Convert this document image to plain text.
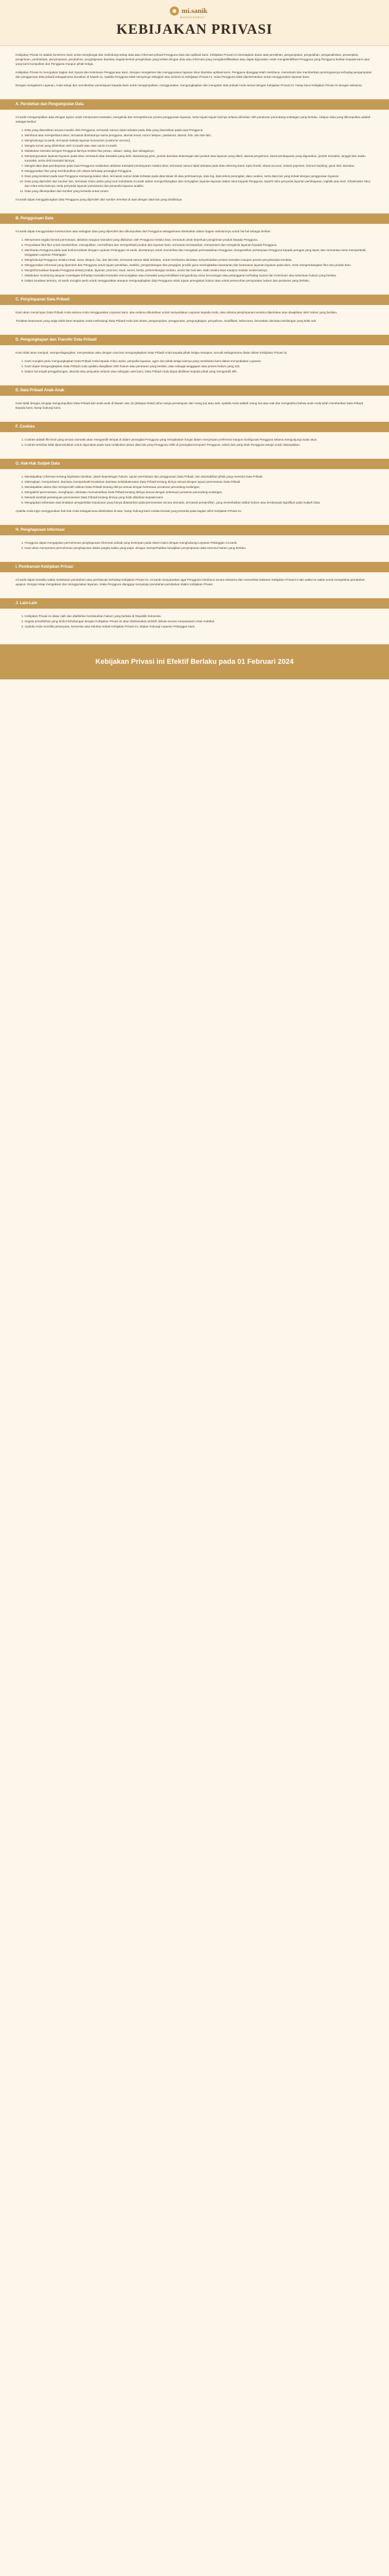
mi.sanik
MANAGEMENT
KEBIJAKAN PRIVASI

Kebijakan Privasi ini adalah komitmen kami untuk menghargai dan melindungi setiap data atau informasi pribadi Pengguna situs dan aplikasi kami. Kebijakan Privasi ini menetapkan dasar atas perolehan, pengumpulan, pengolahan, penganalisisan, penampilan, pengiriman, pembukaan, penyimpanan, perubahan, penghapusan dan/atau segala bentuk pengelolaan yang terkait dengan data atau informasi yang mengidentifikasikan atau dapat digunakan untuk mengidentifikasi Pengguna yang Pengguna berikan kepada kami atau yang kami kumpulkan dari Pengguna maupun pihak ketiga.

Kebijakan Privasi ini merupakan bagian dari Syarat dan Ketentuan Penggunaan kami. Dengan mengakses dan menggunakan layanan situs dan/atau aplikasi kami, Pengguna dianggap telah membaca, memahami dan memberikan persetujuannya terhadap pengumpulan dan penggunaan data pribadi sebagaimana diuraikan di bawah ini. Apabila Pengguna tidak menyetujui sebagian atau seluruh isi Kebijakan Privasi ini, maka Pengguna tidak diperkenankan untuk menggunakan layanan kami.

Dengan mengakses Layanan, Anda setuju dan memberikan persetujuan kepada kami untuk mengumpulkan, menggunakan, mengungkapkan dan mengolah data pribadi Anda sesuai dengan Kebijakan Privasi ini. Harap baca Kebijakan Privasi ini dengan seksama.

A. Perolehan dan Pengumpulan Data

mi.sanik mengumpulkan data dengan tujuan untuk memproses transaksi, mengelola dan memperlancar proses penggunaan layanan, serta tujuan-tujuan lainnya selama diizinkan oleh peraturan perundang-undangan yang berlaku. Adapun data yang dikumpulkan adalah sebagai berikut:

1. Data yang diserahkan secara mandiri oleh Pengguna, termasuk namun tidak terbatas pada data yang diserahkan pada saat Pengguna:
2. Membuat atau memperbarui akun, termasuk diantaranya nama pengguna, alamat email, nomor telepon, password, alamat, foto, dan lain-lain;
3. Menghubungi mi.sanik, termasuk melalui layanan konsumen (customer service);
4. Mengisi survei yang dikirimkan oleh mi.sanik atau atas nama mi.sanik;
5. Melakukan interaksi dengan Pengguna lainnya melalui fitur pesan, ulasan, rating, dan sebagainya;
6. Mempergunakan layanan-layanan pada situs, termasuk data transaksi yang detil, diantaranya jenis, jumlah dan/atau keterangan dari produk atau layanan yang dibeli, alamat pengiriman, kanal pembayaran yang digunakan, jumlah transaksi, tanggal dan waktu transaksi, serta detil transaksi lainnya;
7. Mengisi data-data pembayaran pada saat Pengguna melakukan aktivitas transaksi pembayaran melalui situs, termasuk namun tidak terbatas pada data rekening bank, kartu kredit, virtual account, instant payment, internet banking, gerai ritel; dan/atau
8. Menggunakan fitur yang membutuhkan izin akses terhadap perangkat Pengguna.
9. Data yang terekam pada saat Pengguna mempergunakan situs, termasuk namun tidak terbatas pada data lokasi riil atau perkiraannya, data log, data teknis perangkat, data cookies, serta data lain yang terkait dengan penggunaan layanan.
10. Data yang diperoleh dari sumber lain, termasuk mitra usaha yang turut membantu mi.sanik dalam mengembangkan dan menyajikan layanan-layanan dalam situs kepada Pengguna, seperti mitra penyedia layanan pembayaran, logistik atau kurir, infrastruktur situs, dan mitra-mitra lainnya; serta penyedia layanan pemasaran dan penyedia layanan analitis.
11. Data yang dikumpulkan dari sumber yang tersedia untuk umum.

mi.sanik dapat menggabungkan data Pengguna yang diperoleh dari sumber tersebut di atas dengan data lain yang dimilikinya.

B. Penggunaan Data

mi.sanik dapat menggunakan keseluruhan atau sebagian data yang diperoleh dan dikumpulkan dari Pengguna sebagaimana disebutkan dalam bagian sebelumnya untuk hal-hal sebagai berikut:

1. Memproses segala bentuk permintaan, aktivitas maupun transaksi yang dilakukan oleh Pengguna melalui situs, termasuk untuk keperluan pengiriman produk kepada Pengguna.
2. Penyediaan fitur-fitur untuk memberikan, mewujudkan, memelihara dan memperbaiki produk dan layanan kami, termasuk menawarkan, memproses dan mengelola layanan kepada Pengguna.
3. Membantu Pengguna pada saat berkomunikasi dengan Layanan Pelanggan mi.sanik, diantaranya untuk memeriksa dan mengatasi permasalahan Pengguna; mengarahkan pertanyaan Pengguna kepada petugas yang tepat; dan memantau serta memperbaiki tanggapan Layanan Pelanggan.
4. Menghubungi Pengguna melalui email, surat, telepon, fax, dan lain-lain, termasuk namun tidak terbatas, untuk membantu dan/atau menyelesaikan proses transaksi maupun proses penyelesaian kendala.
5. Menggunakan informasi yang diperoleh dari Pengguna untuk tujuan penelitian, analisis, pengembangan dan pengujian produk guna meningkatkan keamanan dan keamanan layanan-layanan pada situs, serta mengembangkan fitur dan produk baru.
6. Menginformasikan kepada Pengguna terkait produk, layanan, promosi, studi, survei, berita, perkembangan terbaru, acara dan lain-lain, baik melalui situs maupun melalui media lainnya.
7. Melakukan monitoring ataupun investigasi terhadap transaksi-transaksi mencurigakan atau transaksi yang terindikasi mengandung unsur kecurangan atau pelanggaran terhadap Syarat dan Ketentuan atau ketentuan hukum yang berlaku.
8. Dalam keadaan tertentu, mi.sanik mungkin perlu untuk menggunakan ataupun mengungkapkan data Pengguna untuk tujuan penegakan hukum atau untuk pemenuhan persyaratan hukum dan peraturan yang berlaku.
C. Penyimpanan Data Pribadi

Kami akan menyimpan Data Pribadi Anda selama Anda menggunakan Layanan kami, atau selama dibutuhkan untuk menyediakan Layanan kepada Anda, atau selama penyimpanan tersebut diperlukan atau diwajibkan oleh hukum yang berlaku.

Tindakan keamanan yang wajar telah kami terapkan untuk melindungi Data Pribadi Anda dari akses, pengumpulan, penggunaan, pengungkapan, penyalinan, modifikasi, kebocoran, kerusakan dan/atau kehilangan yang tidak sah.

D. Pengungkapan dan Transfer Data Pribadi

Kami tidak akan menjual, memperdagangkan, menyewakan atau dengan cara lain mengungkapkan Data Pribadi Anda kepada pihak ketiga manapun, kecuali sebagaimana diatur dalam Kebijakan Privasi ini.

1. Kami mungkin perlu mengungkapkan Data Pribadi Anda kepada mitra usaha, penyedia layanan, agen dan pihak ketiga lainnya yang membantu kami dalam menyediakan Layanan.
2. Kami dapat mengungkapkan Data Pribadi Anda apabila diwajibkan oleh hukum atau peraturan yang berlaku, atau sebagai tanggapan atas proses hukum yang sah.
3. Dalam hal terjadi penggabungan, akuisisi atau penjualan seluruh atau sebagian aset kami, Data Pribadi Anda dapat dialihkan kepada pihak yang mengambil alih.
E. Data Pribadi Anak-Anak

Kami tidak dengan sengaja mengumpulkan Data Pribadi dari anak-anak di bawah usia 18 (delapan belas) tahun tanpa persetujuan dari orang tua atau wali. Apabila Anda adalah orang tua atau wali dan mengetahui bahwa anak Anda telah memberikan Data Pribadi kepada kami, harap hubungi kami.

F. Cookies
1. Cookies adalah file kecil yang secara otomatis akan mengambil tempat di dalam perangkat Pengguna yang menjalankan fungsi dalam menyimpan preferensi maupun konfigurasi Pengguna selama mengunjungi suatu situs.
2. Cookies tersebut tidak diperuntukkan untuk digunakan pada saat melakukan akses data lain yang Pengguna miliki di perangkat komputer Pengguna, selain dari yang telah Pengguna setujui untuk disampaikan.
G. Hak-Hak Subjek Data
1. Mendapatkan informasi tentang kejelasan identitas, dasar kepentingan hukum, tujuan permintaan dan penggunaan Data Pribadi, dan akuntabilitas pihak yang meminta Data Pribadi.
2. Melengkapi, memperbarui, dan/atau memperbaiki kesalahan dan/atau ketidakakuratan Data Pribadi tentang dirinya sesuai dengan tujuan pemrosesan Data Pribadi.
3. Mendapatkan akses dan memperoleh salinan Data Pribadi tentang dirinya sesuai dengan ketentuan peraturan perundang-undangan.
4. Mengakhiri pemrosesan, menghapus, dan/atau memusnahkan Data Pribadi tentang dirinya sesuai dengan ketentuan peraturan perundang-undangan.
5. Menarik kembali persetujuan pemrosesan Data Pribadi tentang dirinya yang telah diberikan kepada kami.
6. Mengajukan keberatan atas tindakan pengambilan keputusan yang hanya didasarkan pada pemrosesan secara otomatis, termasuk pemprofilan, yang menimbulkan akibat hukum atau berdampak signifikan pada Subjek Data.

Apabila Anda ingin menggunakan hak-hak Anda sebagaimana disebutkan di atas, harap hubungi kami melalui kontak yang tersedia pada bagian akhir Kebijakan Privasi ini.

H. Penghapusan Informasi
1. Pengguna dapat mengajukan permohonan penghapusan informasi pribadi yang tersimpan pada sistem kami dengan menghubungi Layanan Pelanggan mi.sanik.
2. Kami akan memproses permohonan penghapusan dalam jangka waktu yang wajar, dengan memperhatikan kewajiban penyimpanan data menurut hukum yang berlaku.
I. Pembaruan Kebijakan Privasi

mi.sanik dapat sewaktu-waktu melakukan perubahan atau pembaruan terhadap Kebijakan Privasi ini. mi.sanik menyarankan agar Pengguna membaca secara seksama dan memeriksa halaman Kebijakan Privasi ini dari waktu ke waktu untuk mengetahui perubahan apapun. Dengan tetap mengakses dan menggunakan layanan, maka Pengguna dianggap menyetujui perubahan-perubahan dalam Kebijakan Privasi.

J. Lain-Lain
1. Kebijakan Privasi ini diatur oleh dan ditafsirkan berdasarkan hukum yang berlaku di Republik Indonesia.
2. Segala perselisihan yang timbul sehubungan dengan Kebijakan Privasi ini akan diselesaikan terlebih dahulu secara musyawarah untuk mufakat.
3. Apabila Anda memiliki pertanyaan, komentar atau keluhan terkait Kebijakan Privasi ini, silakan hubungi Layanan Pelanggan kami.
Kebijakan Privasi ini Efektif Berlaku pada 01 Februari 2024
